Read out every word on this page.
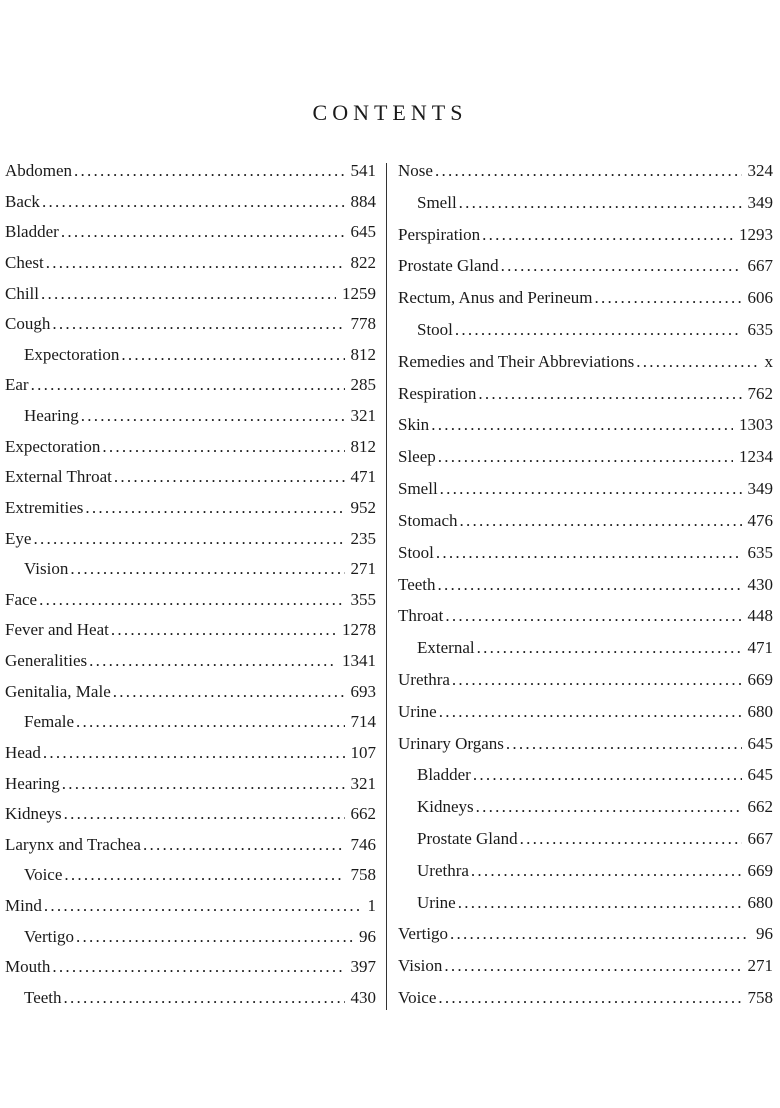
CONTENTS
Abdomen . . .	541
Back . . .	884
Bladder . . .	645
Chest . . .	822
Chill . . .	1259
Cough . . .	778
Expectoration . . .	812
Ear . . .	285
Hearing . . .	321
Expectoration . . .	812
External Throat . . .	471
Extremities . . .	952
Eye . . .	235
Vision . . .	271
Face . . .	355
Fever and Heat . . .	1278
Generalities . . .	1341
Genitalia, Male . . .	693
Female . . .	714
Head . . .	107
Hearing . . .	321
Kidneys . . .	662
Larynx and Trachea . . .	746
Voice . . .	758
Mind . . .	1
Vertigo . . .	96
Mouth . . .	397
Teeth . . .	430
Nose . . .	324
Smell . . .	349
Perspiration . . .	1293
Prostate Gland . . .	667
Rectum, Anus and Perineum . . .	606
Stool . . .	635
Remedies and Their Abbreviations . . .	x
Respiration . . .	762
Skin . . .	1303
Sleep . . .	1234
Smell . . .	349
Stomach . . .	476
Stool . . .	635
Teeth . . .	430
Throat . . .	448
External . . .	471
Urethra . . .	669
Urine . . .	680
Urinary Organs . . .	645
Bladder . . .	645
Kidneys . . .	662
Prostate Gland . . .	667
Urethra . . .	669
Urine . . .	680
Vertigo . . .	96
Vision . . .	271
Voice . . .	758
